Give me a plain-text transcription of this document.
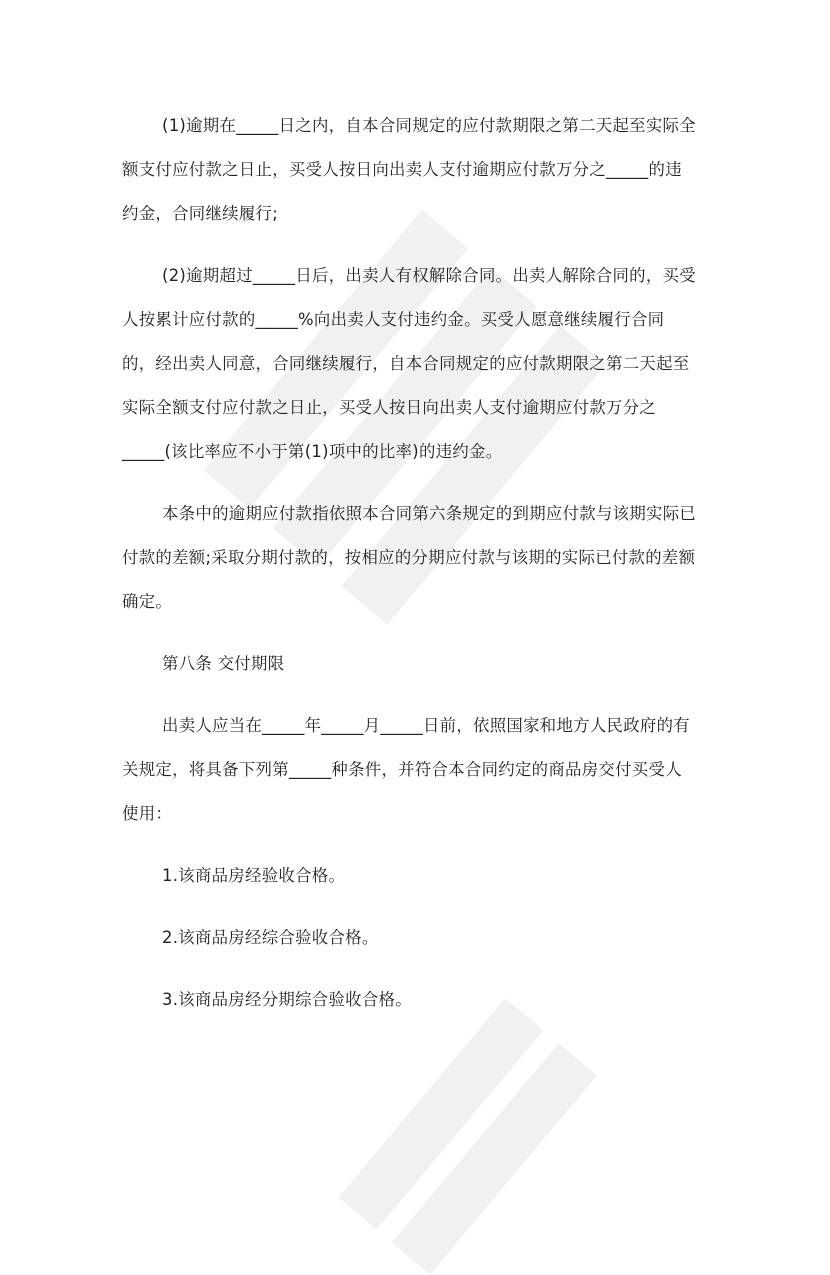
(1)逾期在_____日之内，自本合同规定的应付款期限之第二天起至实际全
额支付应付款之日止，买受人按日向出卖人支付逾期应付款万分之_____的违
约金，合同继续履行;
(2)逾期超过_____日后，出卖人有权解除合同。出卖人解除合同的，买受
人按累计应付款的_____%向出卖人支付违约金。买受人愿意继续履行合同
的，经出卖人同意，合同继续履行，自本合同规定的应付款期限之第二天起至
实际全额支付应付款之日止，买受人按日向出卖人支付逾期应付款万分之
_____(该比率应不小于第(1)项中的比率)的违约金。
本条中的逾期应付款指依照本合同第六条规定的到期应付款与该期实际已
付款的差额;采取分期付款的，按相应的分期应付款与该期的实际已付款的差额
确定。
第八条 交付期限
出卖人应当在_____年_____月_____日前，依照国家和地方人民政府的有
关规定，将具备下列第_____种条件，并符合本合同约定的商品房交付买受人
使用：
1.该商品房经验收合格。
2.该商品房经综合验收合格。
3.该商品房经分期综合验收合格。
